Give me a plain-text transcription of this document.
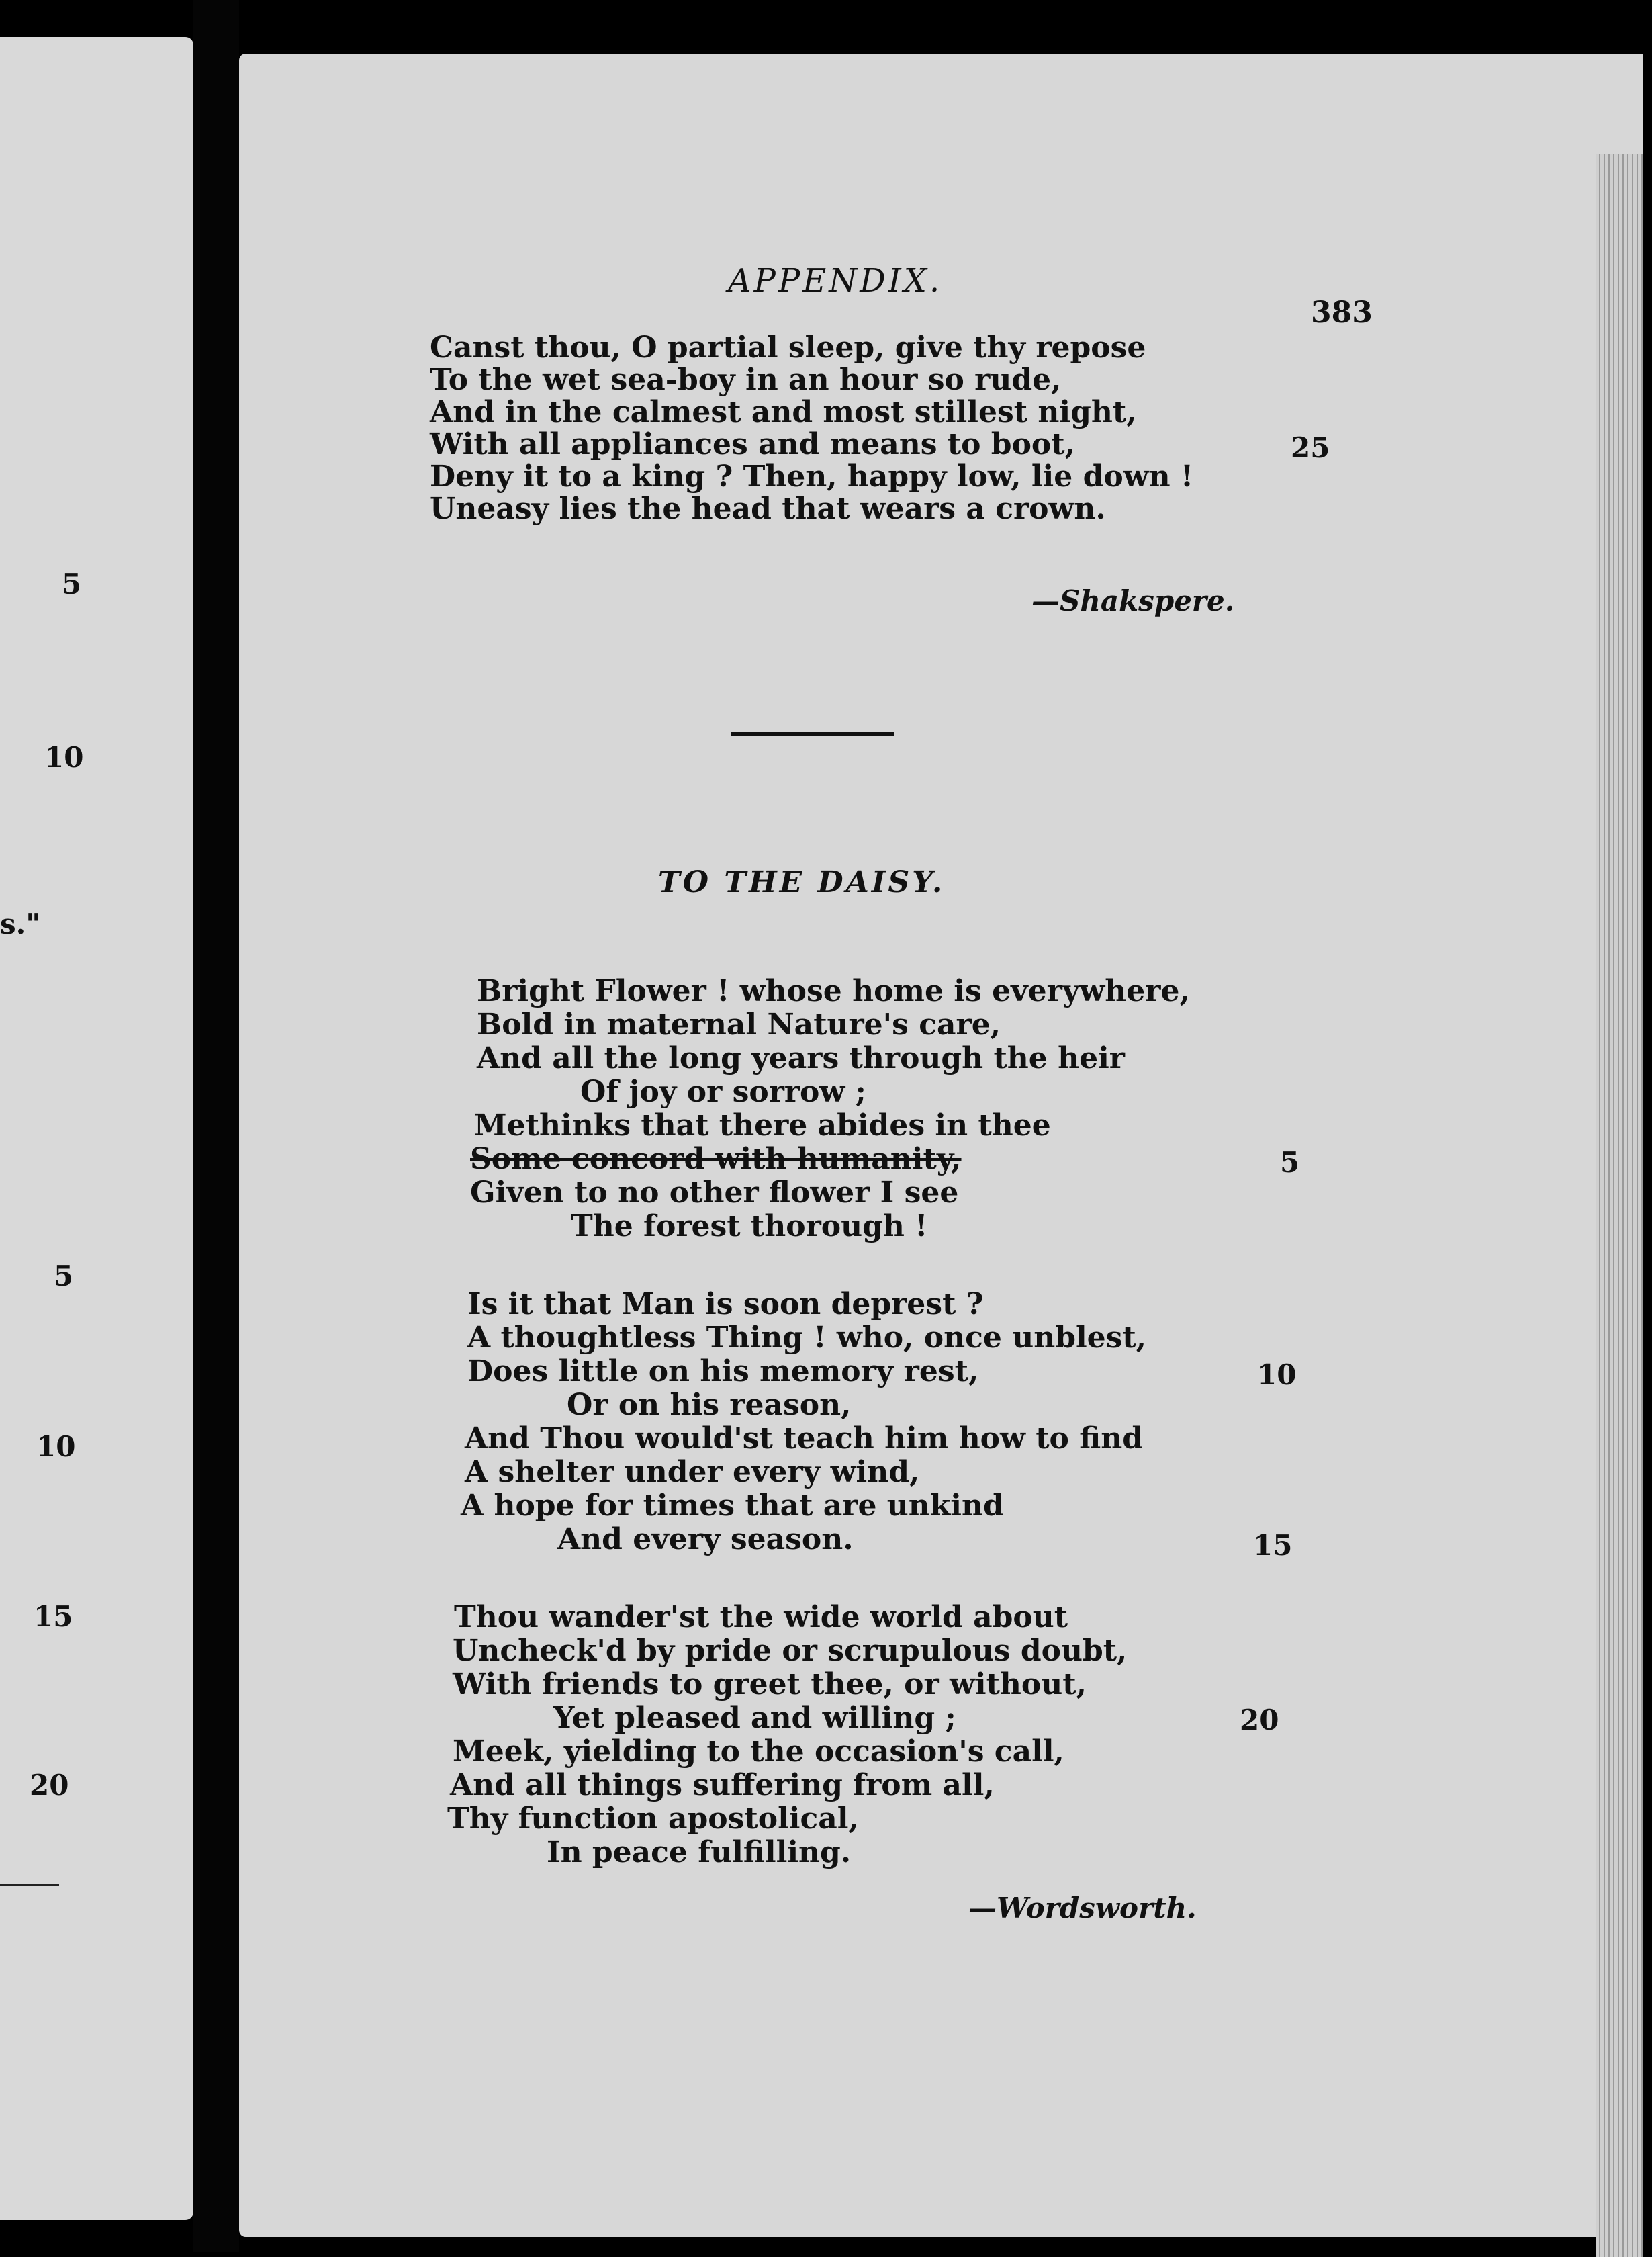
5
10
s."
5
10
15
20
APPENDIX.
383
Canst thou, O partial sleep, give thy repose
To the wet sea-boy in an hour so rude,
And in the calmest and most stillest night,
With all appliances and means to boot,	25
Deny it to a king ? Then, happy low, lie down !
Uneasy lies the head that wears a crown.
—Shakspere.
TO THE DAISY.
Bright Flower ! whose home is everywhere,
Bold in maternal Nature's care,
And all the long years through the heir
Of joy or sorrow ;
Methinks that there abides in thee
Some concord with humanity,	5
Given to no other flower I see
The forest thorough !
Is it that Man is soon deprest ?
A thoughtless Thing ! who, once unblest,
10
Does little on his memory rest,
Or on his reason,
And Thou would'st teach him how to find
A shelter under every wind,
A hope for times that are unkind
And every season.	15
Thou wander'st the wide world about
Uncheck'd by pride or scrupulous doubt,
With friends to greet thee, or without,
Yet pleased and willing ;	20
Meek, yielding to the occasion's call,
And all things suffering from all,
Thy function apostolical,
In peace fulfilling.
—Wordsworth.
